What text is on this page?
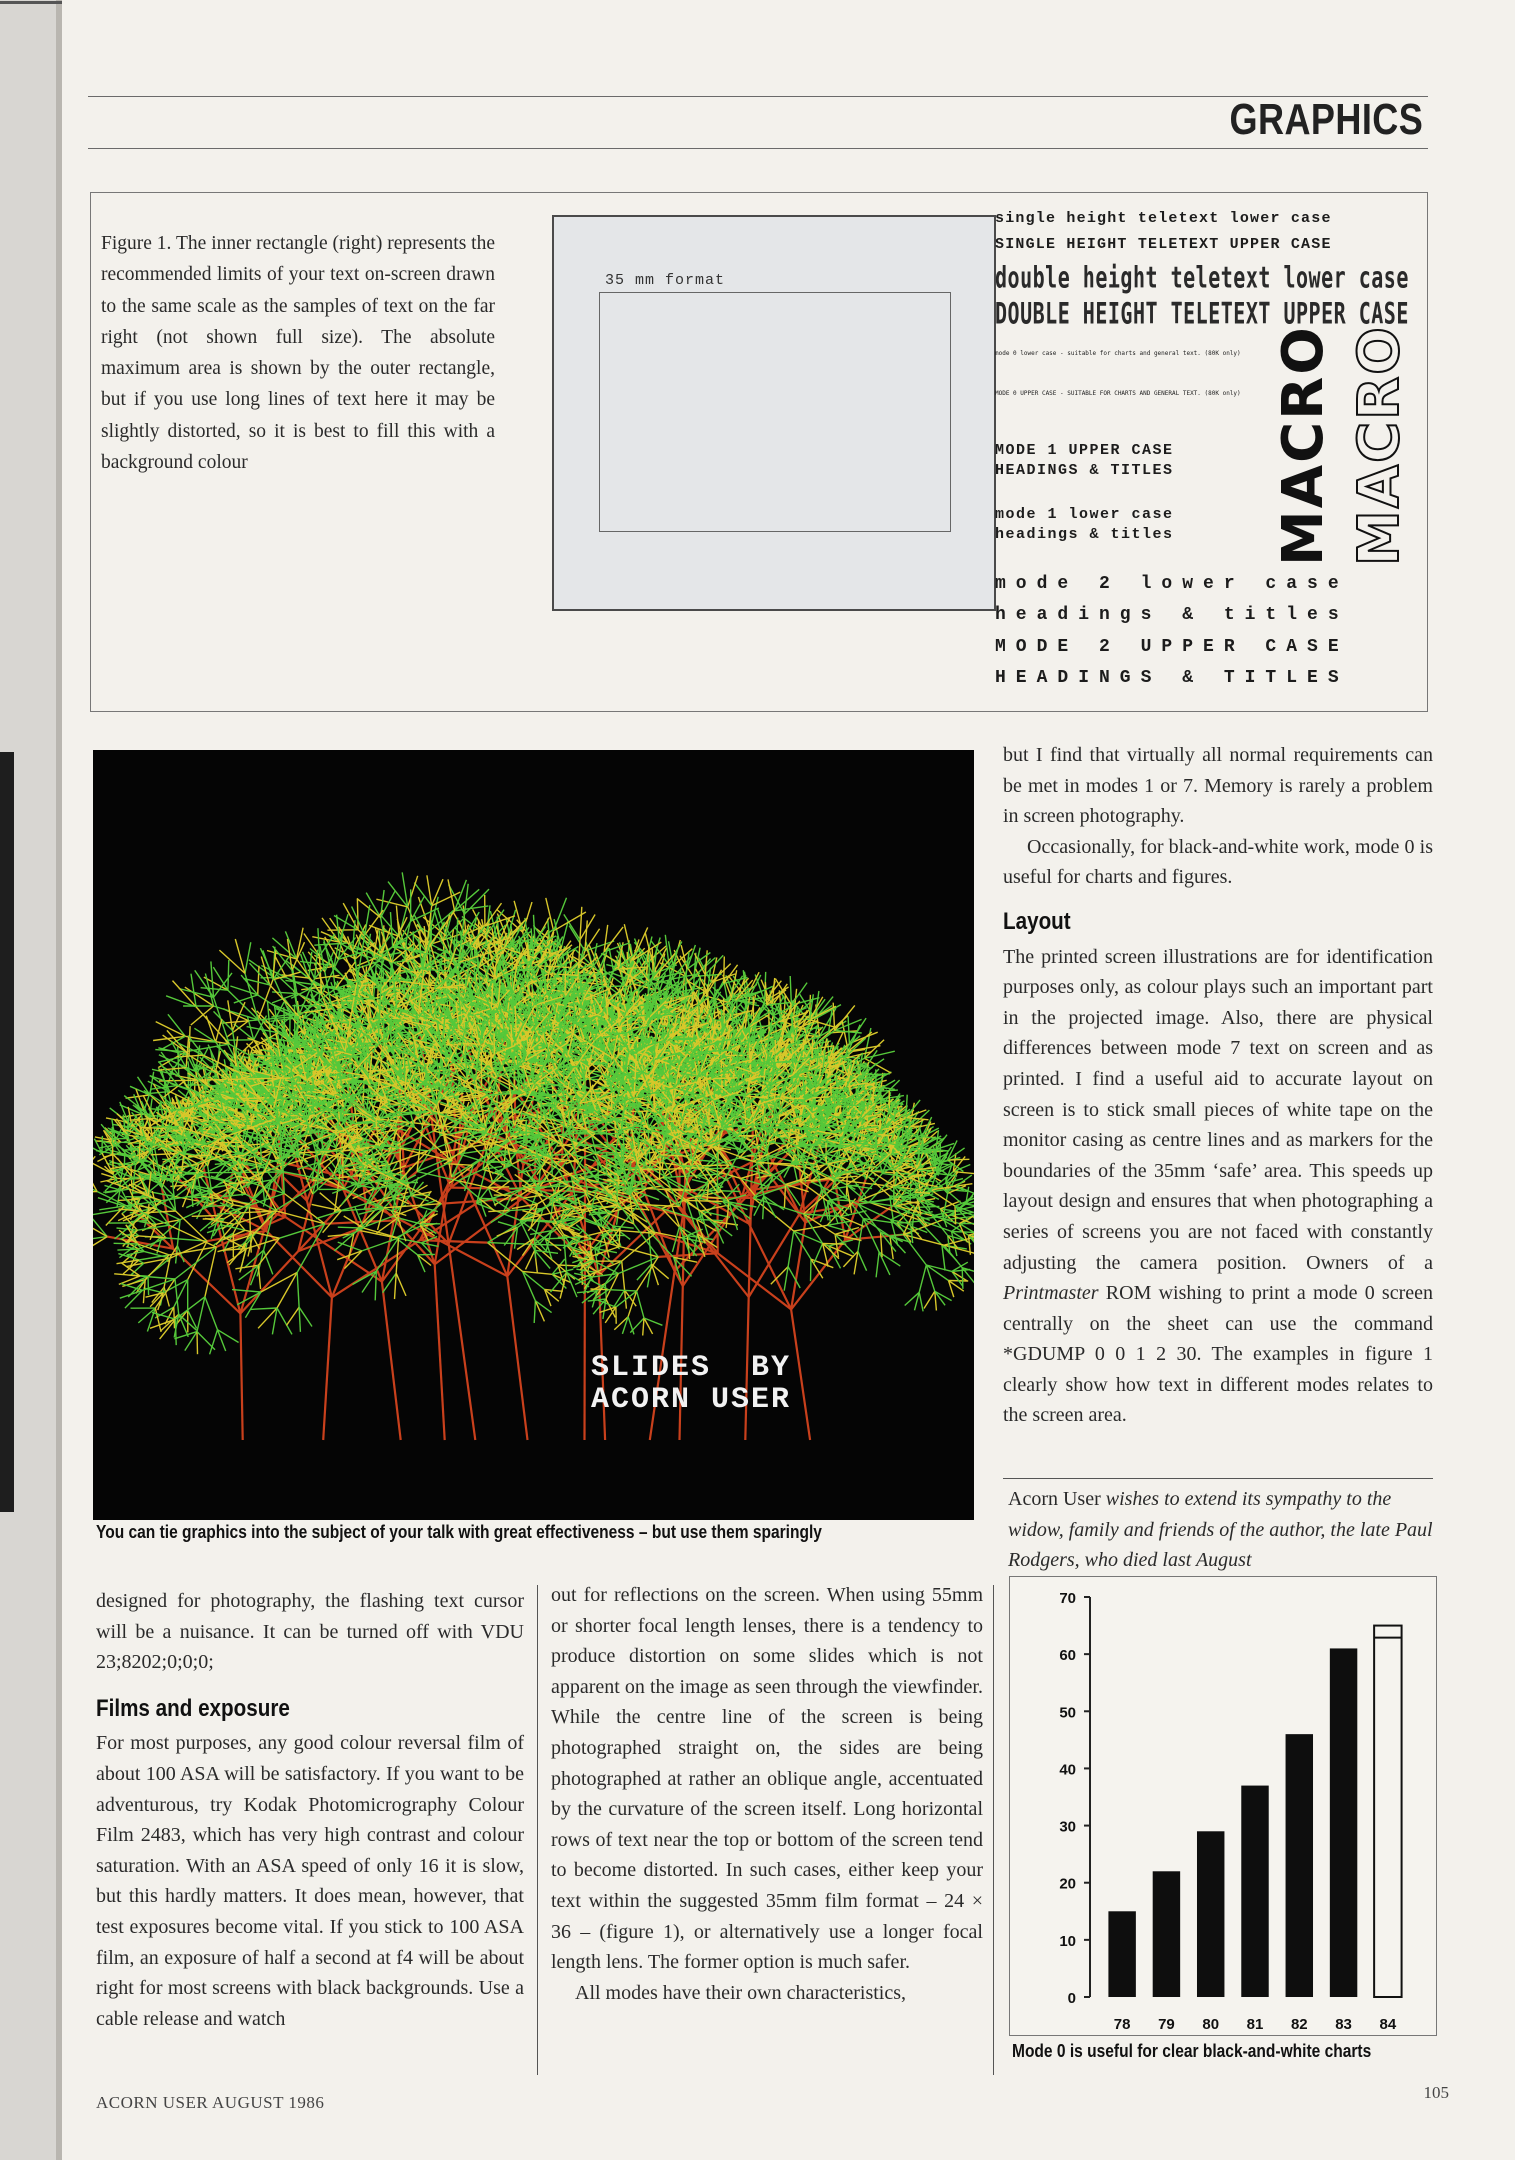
GRAPHICS
Figure 1. The inner rectangle (right) represents the recommended limits of your text on-screen drawn to the same scale as the samples of text on the far right (not shown full size). The absolute maximum area is shown by the outer rectangle, but if you use long lines of text here it may be slightly distorted, so it is best to fill this with a background colour
35 mm format
single height teletext lower case
SINGLE HEIGHT TELETEXT UPPER CASE
double height teletext lower case
DOUBLE HEIGHT TELETEXT UPPER CASE
mode 0 lower case - suitable for charts and general text. (80K only)
MODE 0 UPPER CASE - SUITABLE FOR CHARTS AND GENERAL TEXT. (80K only)
MODE 1 UPPER CASE
HEADINGS & TITLES
mode 1 lower case
headings & titles
mode 2 lower case
headings & titles
MODE 2 UPPER CASE
HEADINGS & TITLES
MACRO MACRO
SLIDES  BY
ACORN USER
You can tie graphics into the subject of your talk with great effectiveness – but use them sparingly

but I find that virtually all normal requirements can be met in modes 1 or 7. Memory is rarely a problem in screen photography.

Occasionally, for black-and-white work, mode 0 is useful for charts and figures.

Layout

The printed screen illustrations are for identification purposes only, as colour plays such an important part in the projected image. Also, there are physical differences between mode 7 text on screen and as printed. I find a useful aid to accurate layout on screen is to stick small pieces of white tape on the monitor casing as centre lines and as markers for the boundaries of the 35mm ‘safe’ area. This speeds up layout design and ensures that when photographing a series of screens you are not faced with constantly adjusting the camera position. Owners of a Printmaster ROM wishing to print a mode 0 screen centrally on the sheet can use the command *GDUMP 0 0 1 2 30. The examples in figure 1 clearly show how text in different modes relates to the screen area.

Acorn User wishes to extend its sympathy to the widow, family and friends of the author, the late Paul Rodgers, who died last August

designed for photography, the flashing text cursor will be a nuisance. It can be turned off with VDU 23;8202;0;0;0;

Films and exposure

For most purposes, any good colour reversal film of about 100 ASA will be satisfactory. If you want to be adventurous, try Kodak Photomicrography Colour Film 2483, which has very high contrast and colour saturation. With an ASA speed of only 16 it is slow, but this hardly matters. It does mean, however, that test exposures become vital. If you stick to 100 ASA film, an exposure of half a second at f4 will be about right for most screens with black backgrounds. Use a cable release and watch

out for reflections on the screen. When using 55mm or shorter focal length lenses, there is a tendency to produce distortion on some slides which is not apparent on the image as seen through the viewfinder. While the centre line of the screen is being photographed straight on, the sides are being photographed at rather an oblique angle, accentuated by the curvature of the screen itself. Long horizontal rows of text near the top or bottom of the screen tend to become distorted. In such cases, either keep your text within the suggested 35mm film format – 24 × 36 – (figure 1), or alternatively use a longer focal length lens. The former option is much safer.

All modes have their own characteristics,	0
10
20
30
40
50
60
70
78 79 80 81 82 83 84
Mode 0 is useful for clear black-and-white charts
ACORN USER AUGUST 1986
105
